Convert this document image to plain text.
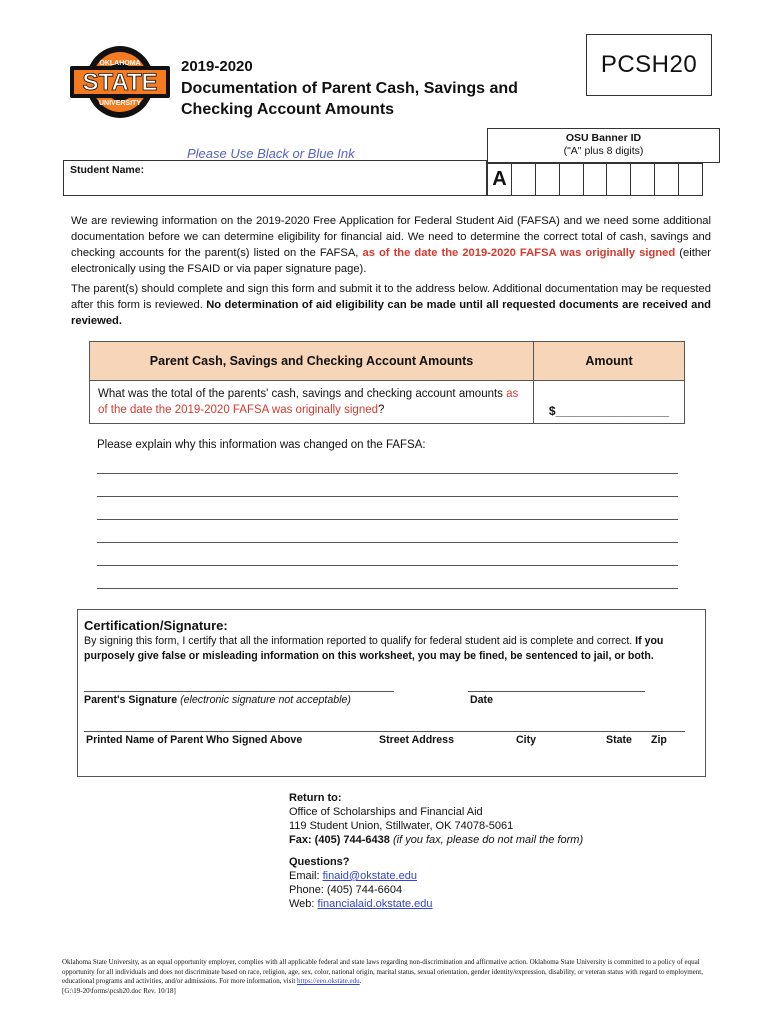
OKLAHOMA
STATE
UNIVERSITY
2019-2020
Documentation of Parent Cash, Savings and Checking Account Amounts
PCSH20
Please Use Black or Blue Ink
OSU Banner ID
("A" plus 8 digits)
A
Student Name:
We are reviewing information on the 2019-2020 Free Application for Federal Student Aid (FAFSA) and we need some additional documentation before we can determine eligibility for financial aid. We need to determine the correct total of cash, savings and checking accounts for the parent(s) listed on the FAFSA, as of the date the 2019-2020 FAFSA was originally signed (either electronically using the FSAID or via paper signature page).
The parent(s) should complete and sign this form and submit it to the address below. Additional documentation may be requested after this form is reviewed. No determination of aid eligibility can be made until all requested documents are received and reviewed.
Parent Cash, Savings and Checking Account Amounts	Amount
What was the total of the parents' cash, savings and checking account amounts as of the date the 2019-2020 FAFSA was originally signed?	$_________________
Please explain why this information was changed on the FAFSA:
Certification/Signature:
By signing this form, I certify that all the information reported to qualify for federal student aid is complete and correct. If you purposely give false or misleading information on this worksheet, you may be fined, be sentenced to jail, or both.
Parent's Signature (electronic signature not acceptable)	Date
Printed Name of Parent Who Signed Above	Street Address	City	State Zip
Return to:
Office of Scholarships and Financial Aid
119 Student Union, Stillwater, OK 74078-5061
Fax: (405) 744-6438 (if you fax, please do not mail the form)
Questions?
Email: finaid@okstate.edu
Phone: (405) 744-6604
Web: financialaid.okstate.edu
Oklahoma State University, as an equal opportunity employer, complies with all applicable federal and state laws regarding non-discrimination and affirmative action. Oklahoma State University is committed to a policy of equal opportunity for all individuals and does not discriminate based on race, religion, age, sex, color, national origin, marital status, sexual orientation, gender identity/expression, disability, or veteran status with regard to employment, educational programs and activities, and/or admissions. For more information, visit https://eeo.okstate.edu.
[G:\19-20\forms\pcsh20.doc Rev. 10/18]
